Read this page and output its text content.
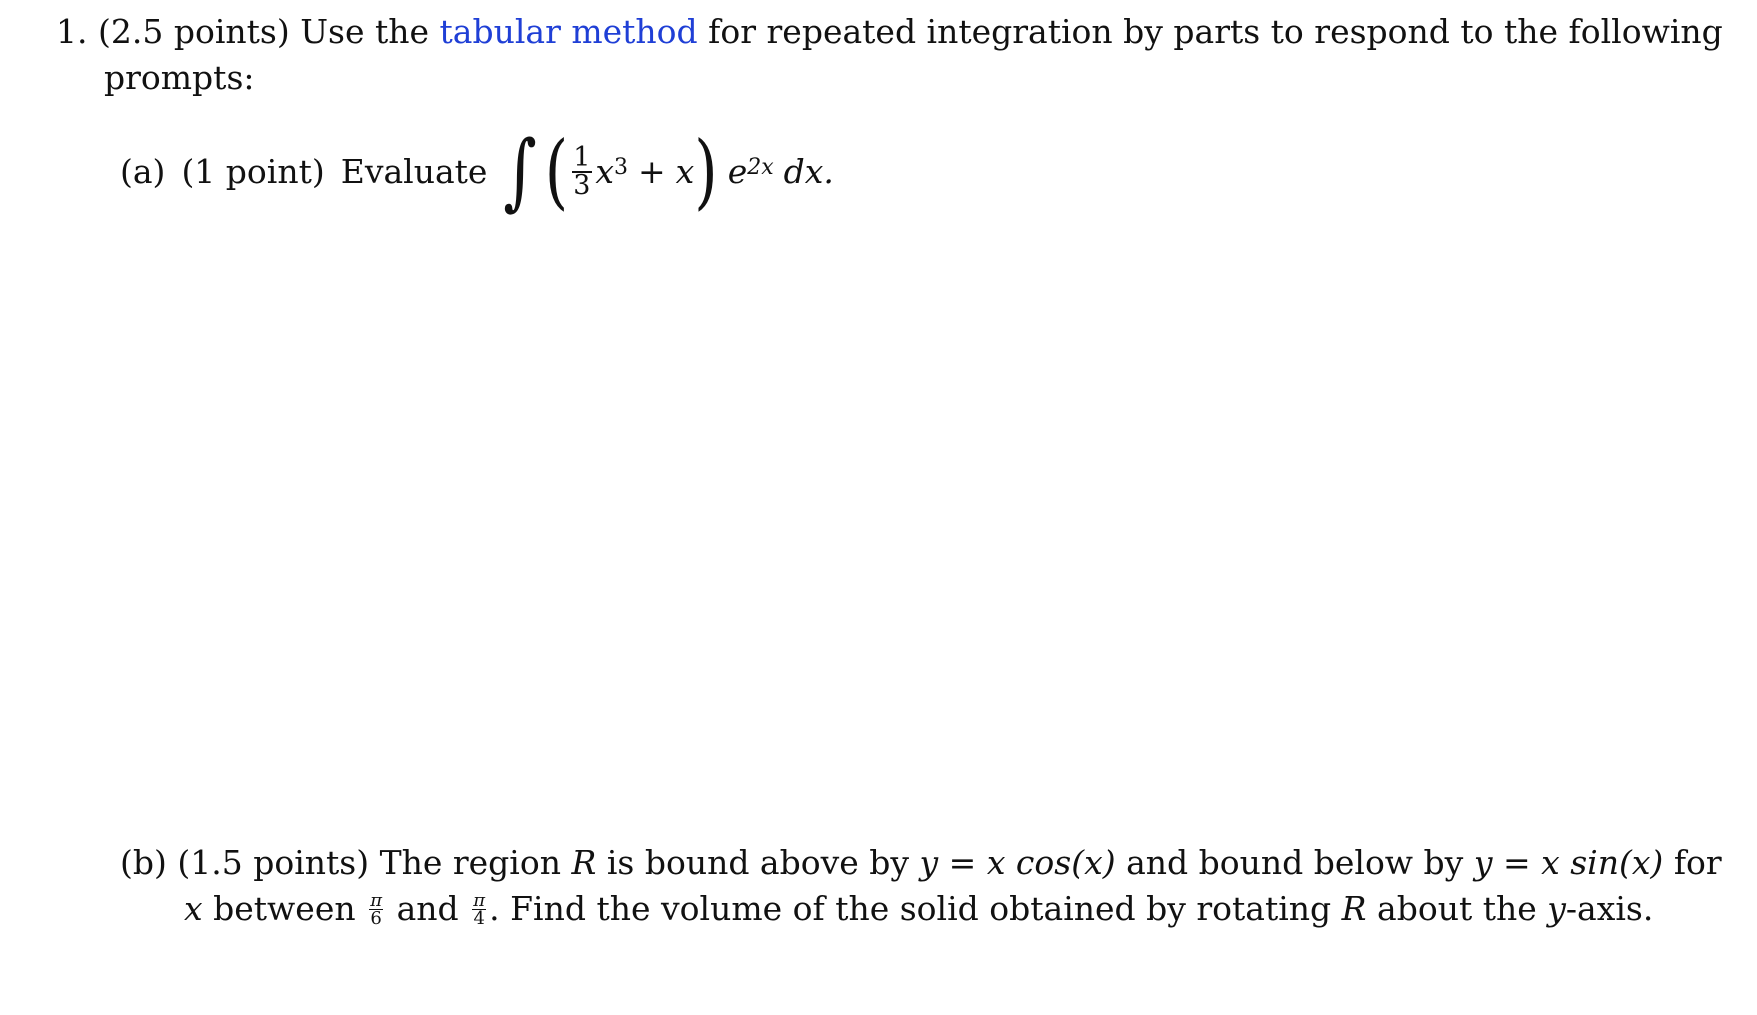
1. (2.5 points) Use the tabular method for repeated integration by parts to respond to the following
prompts:
(a) (1 point) Evaluate ∫ ( $\frac{1}{3} x^3 + x$ ) $e^{2x}$ dx.
(b) (1.5 points) The region R is bound above by y = x cos(x) and bound below by y = x sin(x) for
x between $\frac{\pi}{6}$ and $\frac{\pi}{4}$ . Find the volume of the solid obtained by rotating R about the y-axis.
